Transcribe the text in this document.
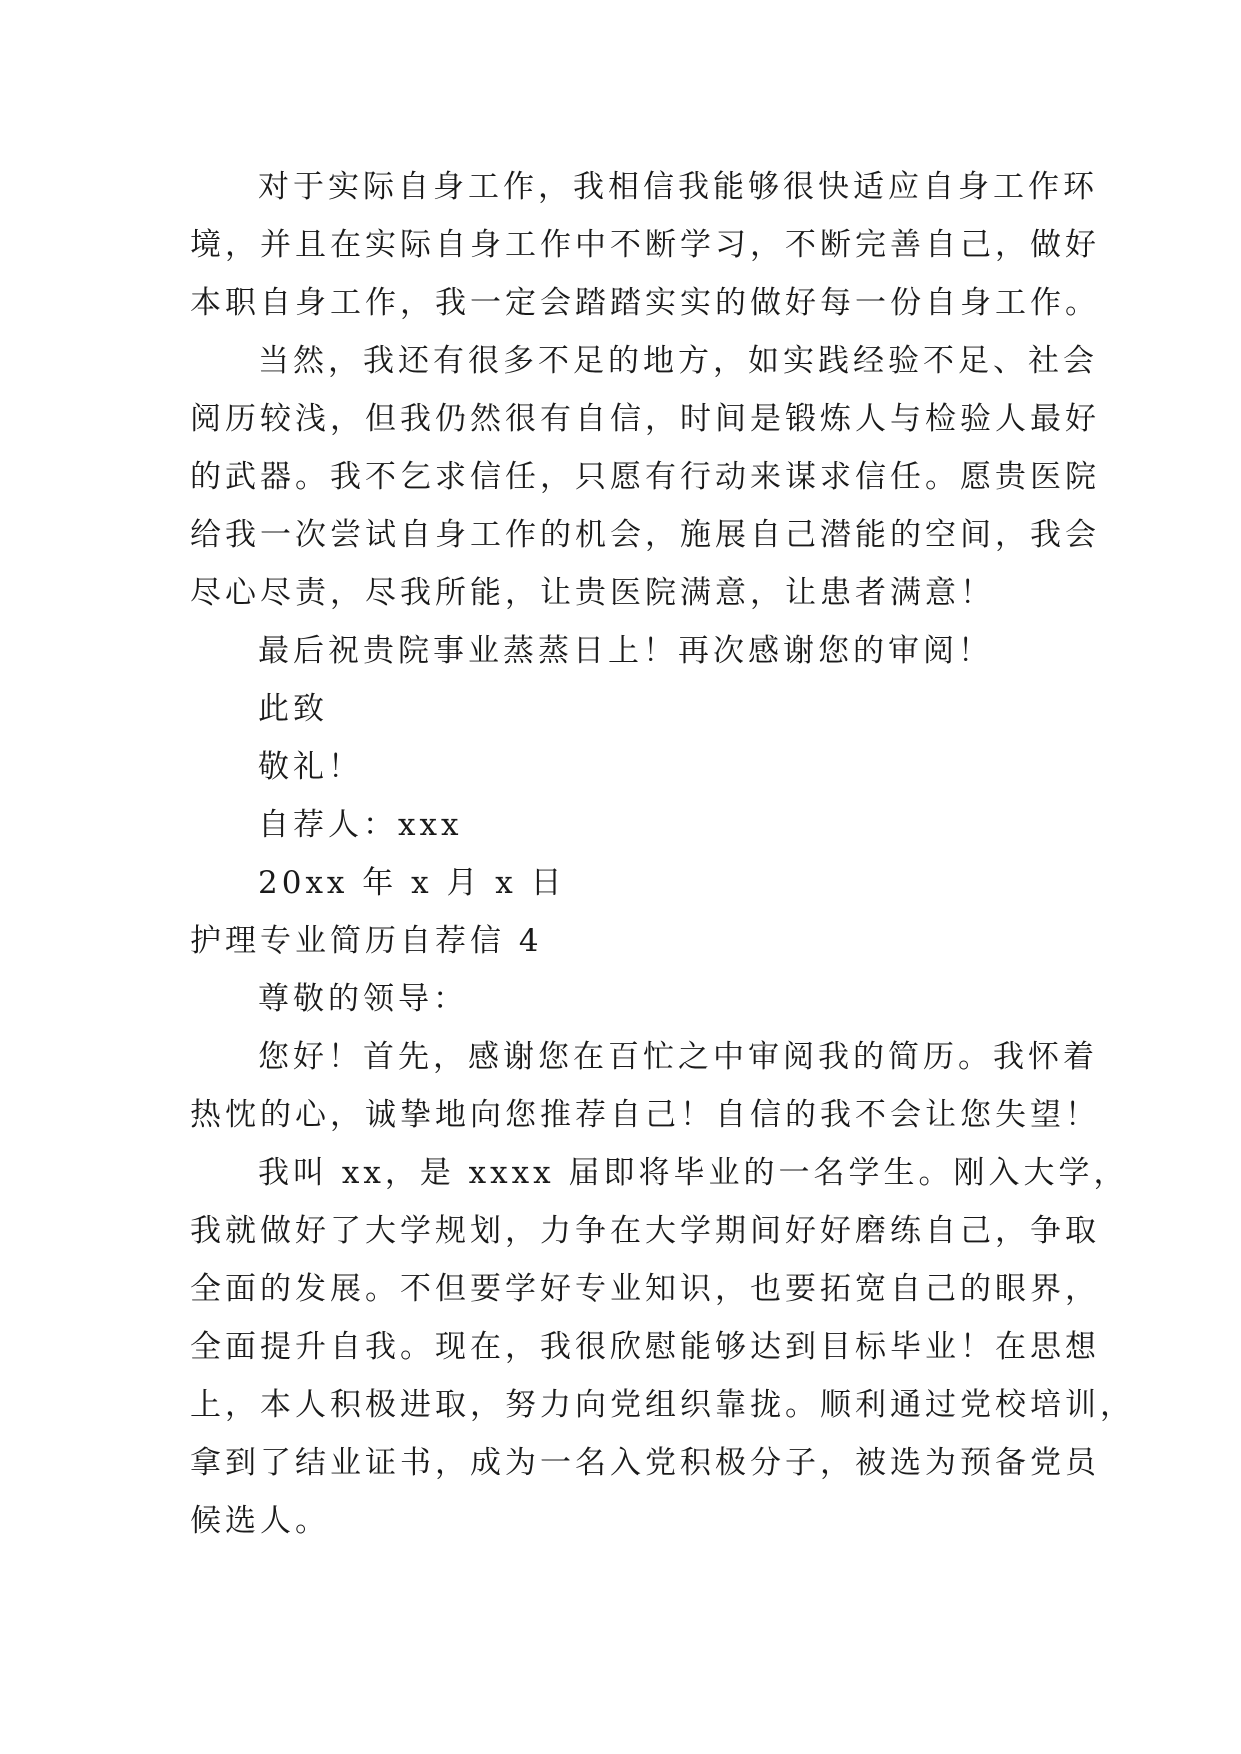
对于实际自身工作，我相信我能够很快适应自身工作环
境，并且在实际自身工作中不断学习，不断完善自己，做好
本职自身工作，我一定会踏踏实实的做好每一份自身工作。
当然，我还有很多不足的地方，如实践经验不足、社会
阅历较浅，但我仍然很有自信，时间是锻炼人与检验人最好
的武器。我不乞求信任，只愿有行动来谋求信任。愿贵医院
给我一次尝试自身工作的机会，施展自己潜能的空间，我会
尽心尽责，尽我所能，让贵医院满意，让患者满意！
最后祝贵院事业蒸蒸日上！再次感谢您的审阅！
此致
敬礼！
自荐人：xxx
20xx 年 x 月 x 日
护理专业简历自荐信 4
尊敬的领导：
您好！首先，感谢您在百忙之中审阅我的简历。我怀着
热忱的心，诚挚地向您推荐自己！自信的我不会让您失望！
我叫 xx，是 xxxx 届即将毕业的一名学生。刚入大学，
我就做好了大学规划，力争在大学期间好好磨练自己，争取
全面的发展。不但要学好专业知识，也要拓宽自己的眼界，
全面提升自我。现在，我很欣慰能够达到目标毕业！在思想
上，本人积极进取，努力向党组织靠拢。顺利通过党校培训，
拿到了结业证书，成为一名入党积极分子，被选为预备党员
候选人。
